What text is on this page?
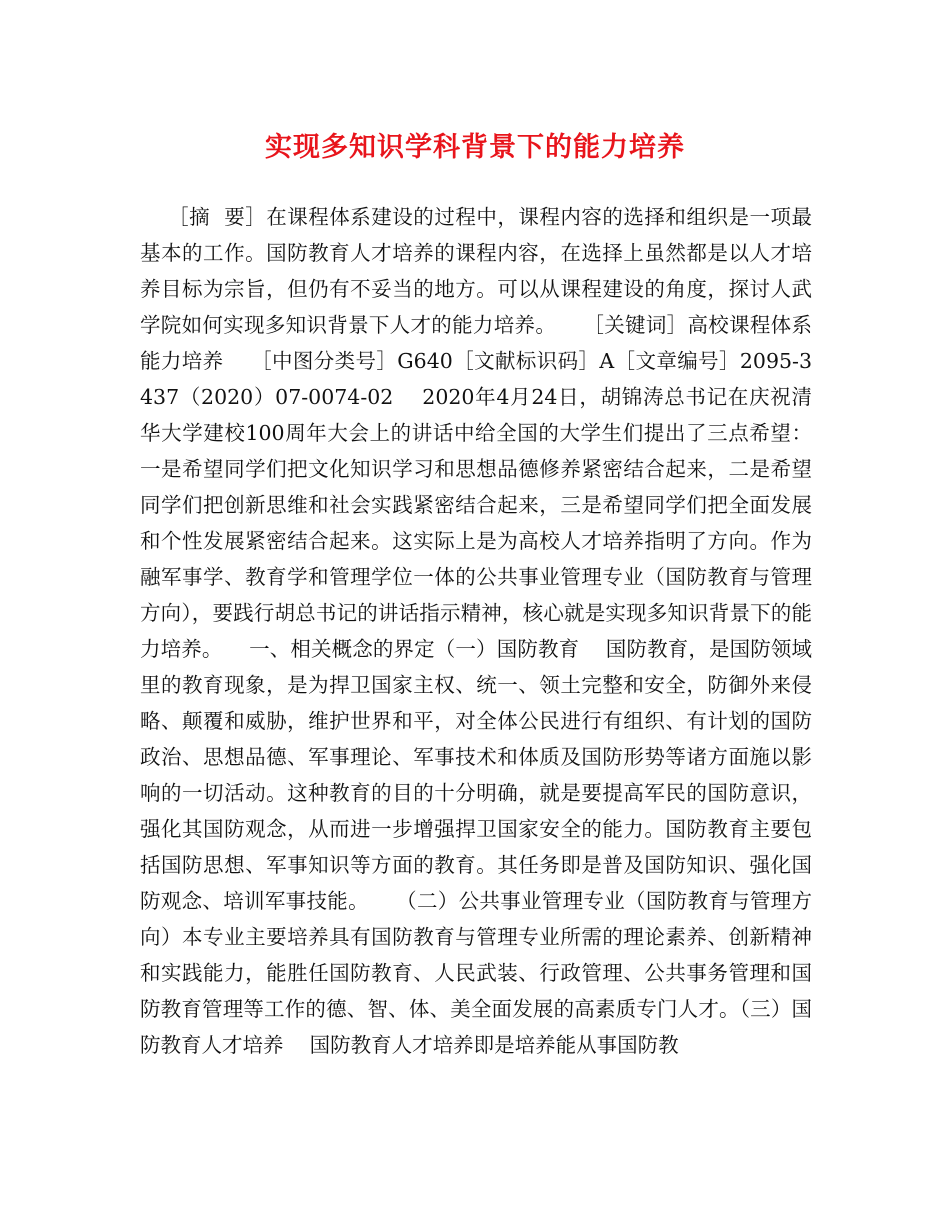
实现多知识学科背景下的能力培养
［摘  要］在课程体系建设的过程中，课程内容的选择和组织是一项最基本的工作。国防教育人才培养的课程内容，在选择上虽然都是以人才培养目标为宗旨，但仍有不妥当的地方。可以从课程建设的角度，探讨人武学院如何实现多知识背景下人才的能力培养。    ［关键词］高校课程体系  能力培养    ［中图分类号］G640［文献标识码］A［文章编号］2095-3437（2020）07-0074-02    2020年4月24日，胡锦涛总书记在庆祝清华大学建校100周年大会上的讲话中给全国的大学生们提出了三点希望：一是希望同学们把文化知识学习和思想品德修养紧密结合起来，二是希望同学们把创新思维和社会实践紧密结合起来，三是希望同学们把全面发展和个性发展紧密结合起来。这实际上是为高校人才培养指明了方向。作为融军事学、教育学和管理学位一体的公共事业管理专业（国防教育与管理方向），要践行胡总书记的讲话指示精神，核心就是实现多知识背景下的能力培养。    一、相关概念的界定（一）国防教育    国防教育，是国防领域里的教育现象，是为捍卫国家主权、统一、领土完整和安全，防御外来侵略、颠覆和威胁，维护世界和平，对全体公民进行有组织、有计划的国防政治、思想品德、军事理论、军事技术和体质及国防形势等诸方面施以影响的一切活动。这种教育的目的十分明确，就是要提高军民的国防意识，强化其国防观念，从而进一步增强捍卫国家安全的能力。国防教育主要包括国防思想、军事知识等方面的教育。其任务即是普及国防知识、强化国防观念、培训军事技能。    （二）公共事业管理专业（国防教育与管理方向）本专业主要培养具有国防教育与管理专业所需的理论素养、创新精神和实践能力，能胜任国防教育、人民武装、行政管理、公共事务管理和国防教育管理等工作的德、智、体、美全面发展的高素质专门人才。（三）国防教育人才培养    国防教育人才培养即是培养能从事国防教
